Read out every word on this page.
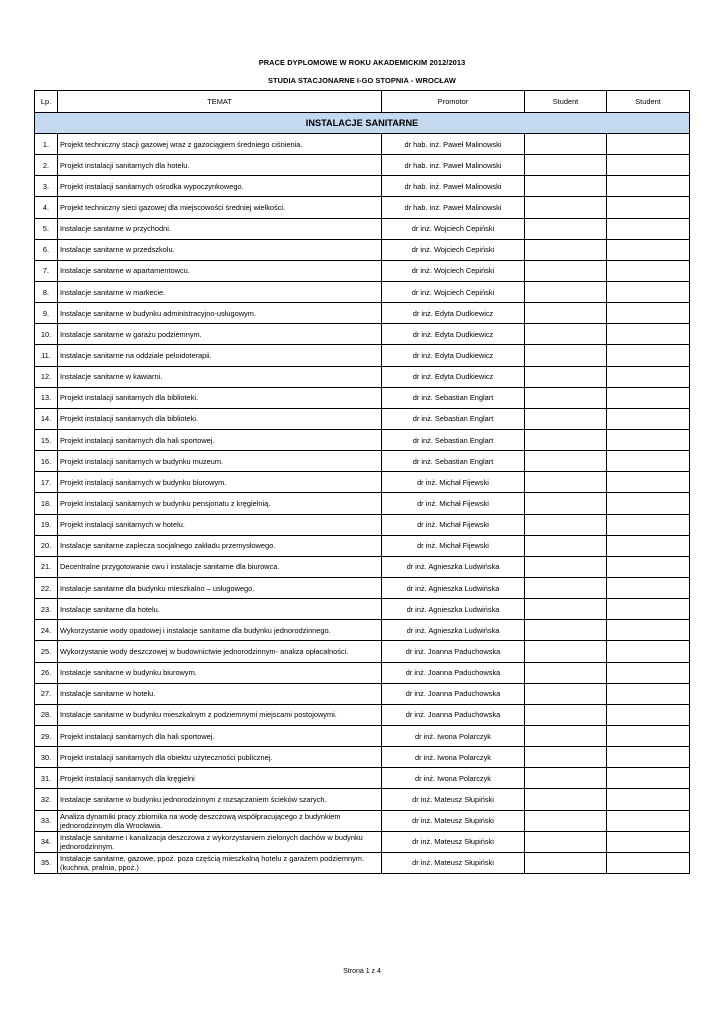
PRACE DYPLOMOWE W ROKU AKADEMICKIM 2012/2013
STUDIA STACJONARNE I-GO STOPNIA - WROCŁAW
Lp.	TEMAT	Promotor	Student	Student
INSTALACJE SANITARNE				
1.	Projekt techniczny stacji gazowej wraz z gazociągiem średniego ciśnienia.	dr hab. inż. Paweł Malinowski		
2.	Projekt instalacji sanitarnych dla hotelu.	dr hab. inż. Paweł Malinowski		
3.	Projekt instalacji sanitarnych ośrodka wypoczynkowego.	dr hab. inż. Paweł Malinowski		
4.	Projekt techniczny sieci gazowej dla miejscowości średniej wielkości.	dr hab. inż. Paweł Malinowski		
5.	Instalacje sanitarne w przychodni.	dr inż. Wojciech Cepiński		
6.	Instalacje sanitarne w przedszkolu.	dr inż. Wojciech Cepiński		
7.	Instalacje sanitarne w apartamentowcu.	dr inż. Wojciech Cepiński		
8.	Instalacje sanitarne w markecie.	dr inż. Wojciech Cepiński		
9.	Instalacje sanitarne w budynku administracyjno-usługowym.	dr inż. Edyta Dudkiewicz		
10.	Instalacje sanitarne w garażu podziemnym.	dr inż. Edyta Dudkiewicz		
11.	Instalacje sanitarne na oddziale peloidoterapii.	dr inż. Edyta Dudkiewicz		
12.	Instalacje sanitarne w kawiarni.	dr inż. Edyta Dudkiewicz		
13.	Projekt instalacji sanitarnych dla biblioteki.	dr inż. Sebastian Englart		
14.	Projekt instalacji sanitarnych dla biblioteki.	dr inż. Sebastian Englart		
15.	Projekt instalacji sanitarnych dla hali sportowej.	dr inż. Sebastian Englart		
16.	Projekt instalacji sanitarnych w budynku muzeum.	dr inż. Sebastian Englart		
17.	Projekt instalacji sanitarnych w budynku biurowym.	dr inż. Michał Fijewski		
18.	Projekt instalacji sanitarnych w budynku pensjonatu z kręgielnią.	dr inż. Michał Fijewski		
19.	Projekt instalacji sanitarnych w hotelu.	dr inż. Michał Fijewski		
20.	Instalacje sanitarne zaplecza socjalnego zakładu przemysłowego.	dr inż. Michał Fijewski		
21.	Decentralne przygotowanie cwu i instalacje sanitarne dla biurowca.	dr inż. Agnieszka Ludwińska		
22.	Instalacje sanitarne dla budynku mieszkalno – usługowego.	dr inż. Agnieszka Ludwińska		
23.	Instalacje sanitarne dla hotelu.	dr inż. Agnieszka Ludwińska		
24.	Wykorzystanie wody opadowej i instalacje sanitarne dla budynku jednorodzinnego.	dr inż. Agnieszka Ludwińska		
25.	Wykorzystanie wody deszczowej w budownictwie jednorodzinnym- analiza opłacalności.	dr inż. Joanna Paduchowska		
26.	Instalacje sanitarne w budynku biurowym.	dr inż. Joanna Paduchowska		
27.	Instalacje sanitarne w hotelu.	dr inż. Joanna Paduchowska		
28.	Instalacje sanitarne w budynku mieszkalnym z podziemnymi miejscami postojowymi.	dr inż. Joanna Paduchowska		
29.	Projekt instalacji sanitarnych dla hali sportowej.	dr inż. Iwona Polarczyk		
30.	Projekt instalacji sanitarnych dla obiektu użyteczności publicznej.	dr inż. Iwona Polarczyk		
31.	Projekt instalacji sanitarnych dla kręgielni	dr inż. Iwona Polarczyk		
32.	Instalacje sanitarne w budynku jednorodzinnym z rozsączaniem ścieków szarych.	dr inż. Mateusz Słupiński		
33.	Analiza dynamiki pracy zbiornika na wodę deszczową współpracującego z budynkiem jednorodzinnym dla Wrocławia.	dr inż. Mateusz Słupiński		
34.	Instalacje sanitarne i kanalizacja deszczowa z wykorzystaniem zielonych dachów w budynku jednorodzinnym.	dr inż. Mateusz Słupiński		
35.	Instalacje sanitarne, gazowe, ppoż. poza częścią mieszkalną hotelu z garażem podziemnym. (kuchnia, pralnia, ppoż.)	dr inż. Mateusz Słupiński		
Strona 1 z 4
